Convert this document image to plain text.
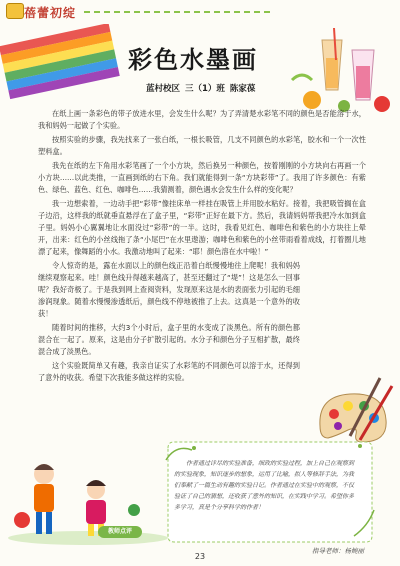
蓓蕾初绽
彩色水墨画
蓝村校区 三（1）班 陈家葆

在纸上画一条彩色的带子放进水里，会发生什么呢？为了弄清楚水彩笔不同的颜色是否能溶于水，我和妈妈一起做了个实验。

按照实验的步骤，我先找来了一张白纸，一根长吸管，几支不同颜色的水彩笔，胶水和一个一次性塑料盒。

我先在纸的左下角用水彩笔画了一个小方块，然后换另一种颜色，按着刚刚的小方块向右再画一个小方块……以此类推，一直画到纸的右下角。我们就能得到一条“方块彩带”了。我用了许多颜色：有紫色、绿色、蓝色、红色、咖啡色……我猜测着，颜色遇水会发生什么样的变化呢？

我一边想索着，一边动手把“彩带”像挂床单一样挂在吸管上并用胶水粘好。接着，我把吸管搁在盒子边沿，这样我的纸就垂直悬浮在了盒子里，“彩带”正好在最下方。然后，我请妈妈帮我把冷水加到盒子里。妈妈小心翼翼地让水面没过“彩带”的一半。这时，我看见红色、咖啡色和紫色的小方块往上晕开，出来：红色的小丝线拖了条“小尾巴”在水里遨游；咖啡色和紫色的小丝带雨看着成线，打着圈儿地漂了起来，像舞蹈的小水。我激动地叫了起来：“耶！颜色溶在水中啦！”

令人惊奇的是，露在水面以上的颜色线正沿着白纸慢慢地往上爬呢！我和妈妈继续观察起来。哇！颜色线升得越来越高了，甚至还翻过了“堤”！这是怎么一回事呢？我好奇极了。于是我到网上查阅资料，发现原来这是水的表面张力引起的毛细渗润现象。随着水慢慢渗透纸后，颜色线不停地被推了上去。这真是一个意外的收获！

随着时间的推移，大约3个小时后，盒子里的水变成了淡黑色。所有的颜色都混合在一起了。原来，这是由分子扩散引起的。水分子和颜色分子互相扩散，最终混合成了淡黑色。

这个实验既简单又有趣，我亲自证实了水彩笔的不同颜色可以溶于水，还得到了意外的收获。希望下次我能多做这样的实验。

作者通过详尽的实验准备，细致的实验过程，加上自己在观察到的实验现象，知识逐步的想象，运用了比喻，拟人等修辞手法，为我们奉献了一篇生动有趣的实验日记。作者通过在实验中的观察，不仅验证了自己的猜想，还收获了意外的知识，在实践中学习。希望你多多学习，真是个分享科学的作者！
指导老师：杨婉丽
教师点评
23
